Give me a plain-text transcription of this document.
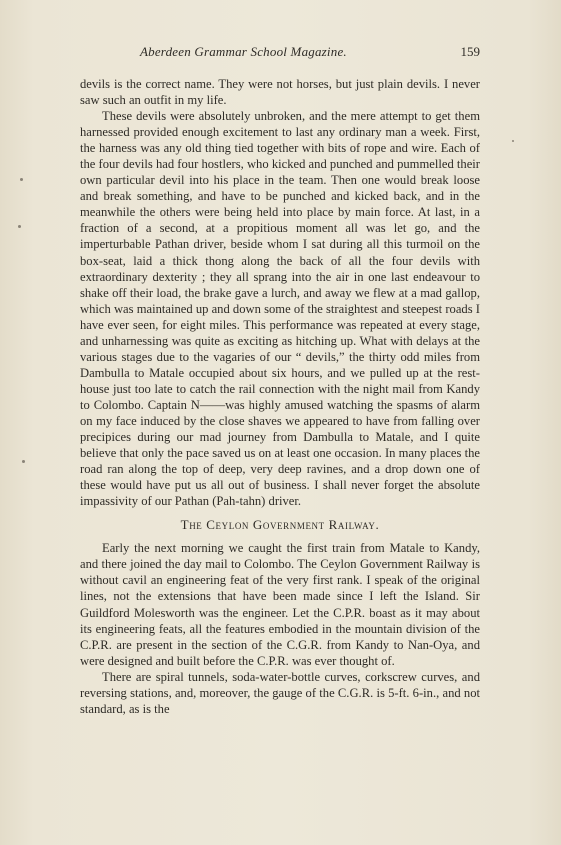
Aberdeen Grammar School Magazine.	159

devils is the correct name. They were not horses, but just plain devils. I never saw such an outfit in my life.

These devils were absolutely unbroken, and the mere attempt to get them harnessed provided enough excitement to last any ordinary man a week. First, the harness was any old thing tied together with bits of rope and wire. Each of the four devils had four hostlers, who kicked and punched and pummelled their own particular devil into his place in the team. Then one would break loose and break something, and have to be punched and kicked back, and in the meanwhile the others were being held into place by main force. At last, in a fraction of a second, at a propitious moment all was let go, and the imperturbable Pathan driver, beside whom I sat during all this turmoil on the box-seat, laid a thick thong along the back of all the four devils with extraordinary dexterity ; they all sprang into the air in one last endeavour to shake off their load, the brake gave a lurch, and away we flew at a mad gallop, which was maintained up and down some of the straightest and steepest roads I have ever seen, for eight miles. This performance was repeated at every stage, and unharnessing was quite as exciting as hitching up. What with delays at the various stages due to the vagaries of our “ devils,” the thirty odd miles from Dambulla to Matale occupied about six hours, and we pulled up at the rest-house just too late to catch the rail connection with the night mail from Kandy to Colombo. Captain N——was highly amused watching the spasms of alarm on my face induced by the close shaves we appeared to have from falling over precipices during our mad journey from Dambulla to Matale, and I quite believe that only the pace saved us on at least one occasion. In many places the road ran along the top of deep, very deep ravines, and a drop down one of these would have put us all out of business. I shall never forget the absolute impassivity of our Pathan (Pah-tahn) driver.

The Ceylon Government Railway.

Early the next morning we caught the first train from Matale to Kandy, and there joined the day mail to Colombo. The Ceylon Government Railway is without cavil an engineering feat of the very first rank. I speak of the original lines, not the extensions that have been made since I left the Island. Sir Guildford Molesworth was the engineer. Let the C.P.R. boast as it may about its engineering feats, all the features embodied in the mountain division of the C.P.R. are present in the section of the C.G.R. from Kandy to Nan-Oya, and were designed and built before the C.P.R. was ever thought of.

There are spiral tunnels, soda-water-bottle curves, corkscrew curves, and reversing stations, and, moreover, the gauge of the C.G.R. is 5-ft. 6-in., and not standard, as is the
